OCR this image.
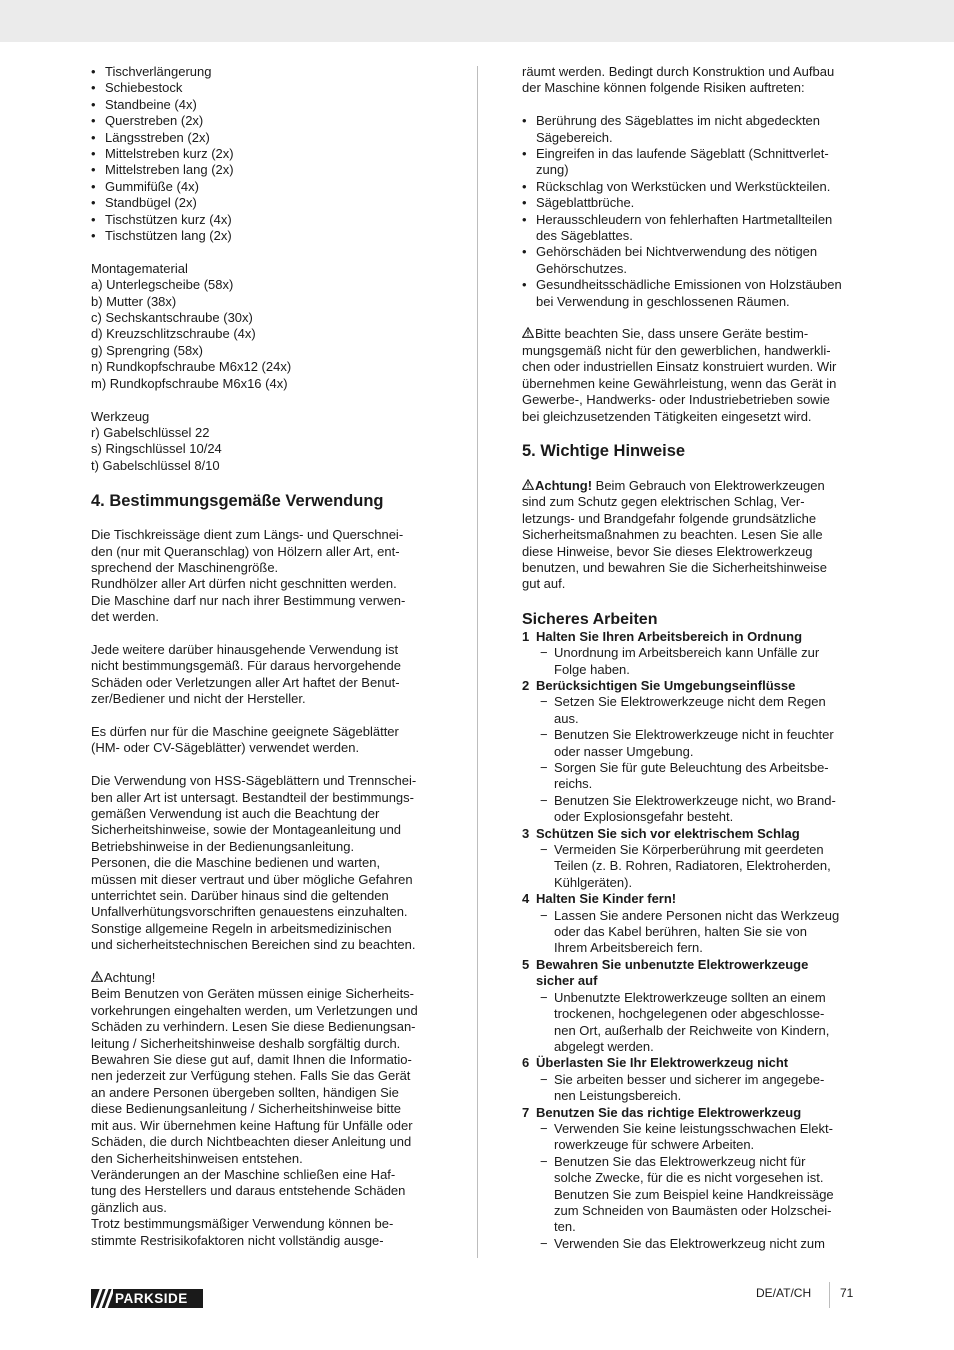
• Tischverlängerung
• Schiebestock
• Standbeine (4x)
• Querstreben (2x)
• Längsstreben (2x)
• Mittelstreben kurz (2x)
• Mittelstreben lang (2x)
• Gummifüße (4x)
• Standbügel (2x)
• Tischstützen kurz (4x)
• Tischstützen lang (2x)

Montagematerial

a) Unterlegscheibe (58x)

b) Mutter (38x)

c) Sechskantschraube (30x)

d) Kreuzschlitzschraube (4x)

g) Sprengring (58x)

n) Rundkopfschraube M6x12 (24x)

m) Rundkopfschraube M6x16 (4x)

Werkzeug

r) Gabelschlüssel 22

s) Ringschlüssel 10/24

t) Gabelschlüssel 8/10

4. Bestimmungsgemäße Verwendung

Die Tischkreissäge dient zum Längs- und Querschnei-

den (nur mit Queranschlag) von Hölzern aller Art, ent-

sprechend der Maschinengröße.

Rundhölzer aller Art dürfen nicht geschnitten werden.

Die Maschine darf nur nach ihrer Bestimmung verwen-

det werden.

Jede weitere darüber hinausgehende Verwendung ist

nicht bestimmungsgemäß. Für daraus hervorgehende

Schäden oder Verletzungen aller Art haftet der Benut-

zer/Bediener und nicht der Hersteller.

Es dürfen nur für die Maschine geeignete Sägeblätter

(HM- oder CV-Sägeblätter) verwendet werden.

Die Verwendung von HSS-Sägeblättern und Trennschei-

ben aller Art ist untersagt. Bestandteil der bestimmungs-

gemäßen Verwendung ist auch die Beachtung der

Sicherheitshinweise, sowie der Montageanleitung und

Betriebshinweise in der Bedienungsanleitung.

Personen, die die Maschine bedienen und warten,

müssen mit dieser vertraut und über mögliche Gefahren

unterrichtet sein. Darüber hinaus sind die geltenden

Unfallverhütungsvorschriften genauestens einzuhalten.

Sonstige allgemeine Regeln in arbeitsmedizinischen

und sicherheitstechnischen Bereichen sind zu beachten.

Achtung!

Beim Benutzen von Geräten müssen einige Sicherheits-

vorkehrungen eingehalten werden, um Verletzungen und

Schäden zu verhindern. Lesen Sie diese Bedienungsan-

leitung / Sicherheitshinweise deshalb sorgfältig durch.

Bewahren Sie diese gut auf, damit Ihnen die Informatio-

nen jederzeit zur Verfügung stehen. Falls Sie das Gerät

an andere Personen übergeben sollten, händigen Sie

diese Bedienungsanleitung / Sicherheitshinweise bitte

mit aus. Wir übernehmen keine Haftung für Unfälle oder

Schäden, die durch Nichtbeachten dieser Anleitung und

den Sicherheitshinweisen entstehen.

Veränderungen an der Maschine schließen eine Haf-

tung des Herstellers und daraus entstehende Schäden

gänzlich aus.

Trotz bestimmungsmäßiger Verwendung können be-

stimmte Restrisikofaktoren nicht vollständig ausge-

räumt werden. Bedingt durch Konstruktion und Aufbau

der Maschine können folgende Risiken auftreten:

• Berührung des Sägeblattes im nicht abgedeckten
Sägebereich.
• Eingreifen in das laufende Sägeblatt (Schnittverlet-
zung)
• Rückschlag von Werkstücken und Werkstückteilen.
• Sägeblattbrüche.
• Herausschleudern von fehlerhaften Hartmetallteilen
des Sägeblattes.
• Gehörschäden bei Nichtverwendung des nötigen
Gehörschutzes.
• Gesundheitsschädliche Emissionen von Holzstäuben
bei Verwendung in geschlossenen Räumen.

Bitte beachten Sie, dass unsere Geräte bestim-

mungsgemäß nicht für den gewerblichen, handwerkli-

chen oder industriellen Einsatz konstruiert wurden. Wir

übernehmen keine Gewährleistung, wenn das Gerät in

Gewerbe-, Handwerks- oder Industriebetrieben sowie

bei gleichzusetzenden Tätigkeiten eingesetzt wird.

5. Wichtige Hinweise

Achtung! Beim Gebrauch von Elektrowerkzeugen

sind zum Schutz gegen elektrischen Schlag, Ver-

letzungs- und Brandgefahr folgende grundsätzliche

Sicherheitsmaßnahmen zu beachten. Lesen Sie alle

diese Hinweise, bevor Sie dieses Elektrowerkzeug

benutzen, und bewahren Sie die Sicherheitshinweise

gut auf.

Sicheres Arbeiten

1 Halten Sie Ihren Arbeitsbereich in Ordnung

− Unordnung im Arbeitsbereich kann Unfälle zur
Folge haben.

2 Berücksichtigen Sie Umgebungseinflüsse

− Setzen Sie Elektrowerkzeuge nicht dem Regen
aus.

− Benutzen Sie Elektrowerkzeuge nicht in feuchter
oder nasser Umgebung.

− Sorgen Sie für gute Beleuchtung des Arbeitsbe-
reichs.

− Benutzen Sie Elektrowerkzeuge nicht, wo Brand-
oder Explosionsgefahr besteht.

3 Schützen Sie sich vor elektrischem Schlag

− Vermeiden Sie Körperberührung mit geerdeten
Teilen (z. B. Rohren, Radiatoren, Elektroherden,
Kühlgeräten).

4 Halten Sie Kinder fern!

− Lassen Sie andere Personen nicht das Werkzeug
oder das Kabel berühren, halten Sie sie von
Ihrem Arbeitsbereich fern.

5 Bewahren Sie unbenutzte Elektrowerkzeuge
sicher auf

− Unbenutzte Elektrowerkzeuge sollten an einem
trockenen, hochgelegenen oder abgeschlosse-
nen Ort, außerhalb der Reichweite von Kindern,
abgelegt werden.

6 Überlasten Sie Ihr Elektrowerkzeug nicht

− Sie arbeiten besser und sicherer im angegebe-
nen Leistungsbereich.

7 Benutzen Sie das richtige Elektrowerkzeug

− Verwenden Sie keine leistungsschwachen Elekt-
rowerkzeuge für schwere Arbeiten.

− Benutzen Sie das Elektrowerkzeug nicht für
solche Zwecke, für die es nicht vorgesehen ist.
Benutzen Sie zum Beispiel keine Handkreissäge
zum Schneiden von Baumästen oder Holzschei-
ten.

− Verwenden Sie das Elektrowerkzeug nicht zum

PARKSIDE	DE/AT/CH 71
